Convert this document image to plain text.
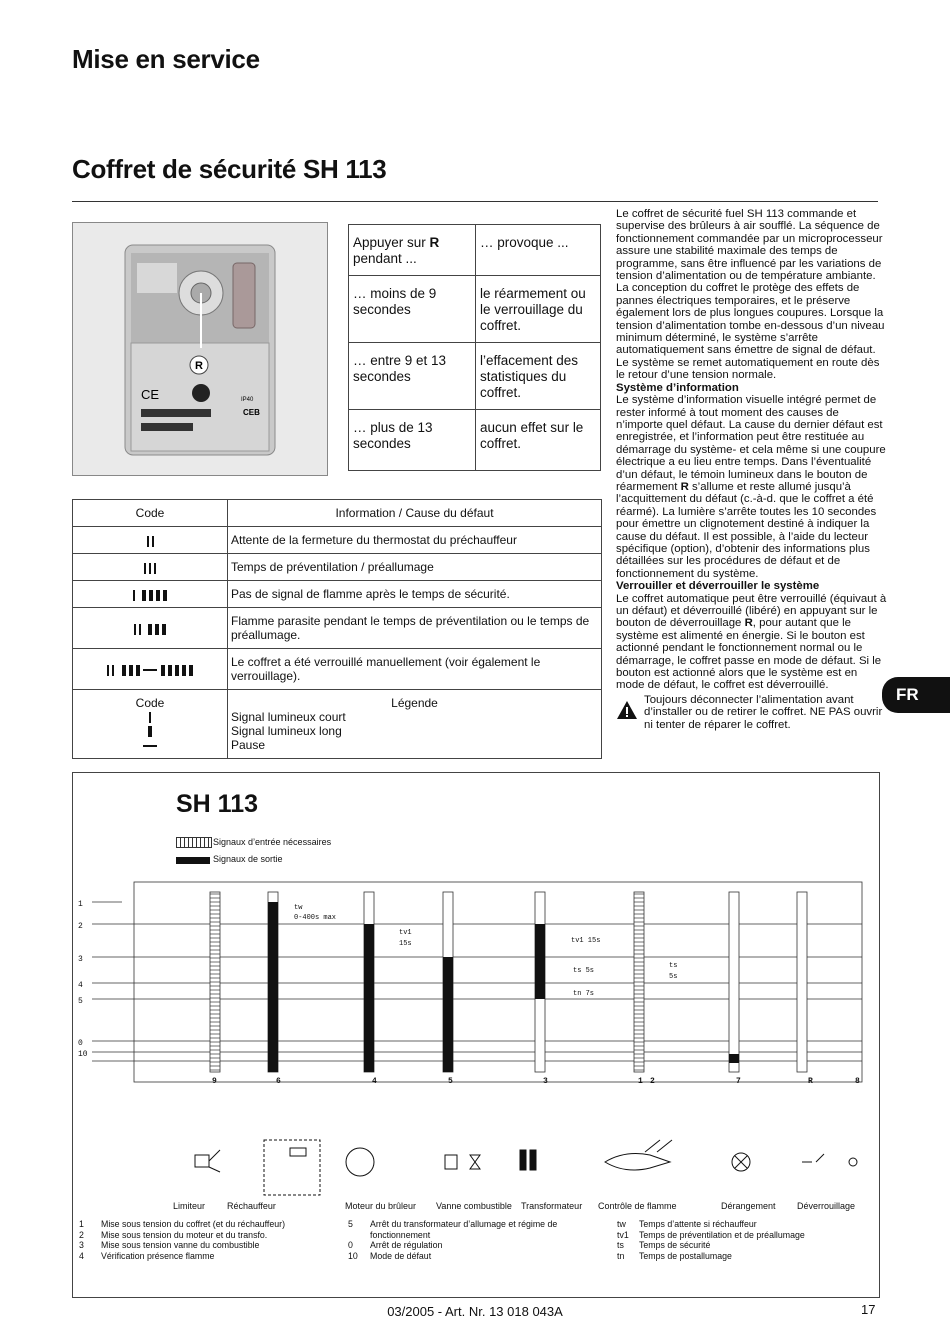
Mise en service
Coffret de sécurité SH 113
R
CE	IP40
CEB
Appuyer sur R
pendant ...	… provoque ...
… moins de 9 secondes	le réarmement ou le verrouillage du coffret.
… entre 9 et 13 secondes	l’effacement des statistiques du coffret.
… plus de 13 secondes	aucun effet sur le coffret.
Code	Information / Cause du défaut
	Attente de la fermeture du thermostat du préchauffeur
	Temps de préventilation / préallumage
	Pas de signal de flamme après le temps de sécurité.
	Flamme parasite pendant le temps de préventilation ou le temps de préallumage.
	Le coffret a été verrouillé manuellement (voir également le verrouillage).

Code	Légende
Signal lumineux court
Signal lumineux long
Pause

Le coffret de sécurité fuel SH 113 commande et supervise des brûleurs à air soufflé. La séquence de fonctionnement commandée par un microprocesseur assure une stabilité maximale des temps de programme, sans être influencé par les variations de tension d’alimentation ou de température ambiante. La conception du coffret le protège des effets de pannes électriques temporaires, et le préserve également lors de plus longues coupures. Lorsque la tension d’alimentation tombe en-dessous d’un niveau minimum déterminé, le système s’arrête automatiquement sans émettre de signal de défaut. Le système se remet automatiquement en route dès le retour d’une tension normale.

Système d’information

Le système d’information visuelle intégré permet de rester informé à tout moment des causes de n’importe quel défaut. La cause du dernier défaut est enregistrée, et l’information peut être restituée au démarrage du système- et cela même si une coupure électrique a eu lieu entre temps. Dans l’éventualité d’un défaut, le témoin lumineux dans le bouton de réarmement R s’allume et reste allumé jusqu’à l’acquittement du défaut (c.-à-d. que le coffret a été réarmé). La lumière s’arrête toutes les 10 secondes pour émettre un clignotement destiné à indiquer la cause du défaut. Il est possible, à l’aide du lecteur spécifique (option), d’obtenir des informations plus détaillées sur les procédures de défaut et de fonctionnement du système.

Verrouiller et déverrouiller le système

Le coffret automatique peut être verrouillé (équivaut à un défaut) et déverrouillé (libéré) en appuyant sur le bouton de déverrouillage R, pour autant que le système est alimenté en énergie. Si le bouton est actionné pendant le fonctionnement normal ou le démarrage, le coffret passe en mode de défaut. Si le bouton est actionné alors que le système est en mode de défaut, le coffret est déverrouillé.

Toujours déconnecter l’alimentation avant d’installer ou de retirer le coffret. NE PAS ouvrir ni tenter de réparer le coffret.
FR
SH 113
Signaux d’entrée nécessaires
Signaux de sortie
1
2
3
4
5
0
10
tw
0-400s max
tv1
15s	tv1 15s
ts 5s
tn 7s
ts
5s
9	6	4	5	3	1 2	7	R	8
Limiteur Réchauffeur	Moteur du brûleur Vanne combustible Transformateur Contrôle de flamme	Dérangement Déverrouillage
1 Mise sous tension du coffret (et du réchauffeur)
2 Mise sous tension du moteur et du transfo.
3 Mise sous tension vanne du combustible
4 Vérification présence flamme
5 Arrêt du transformateur d’allumage et régime de
fonctionnement
0 Arrêt de régulation
10 Mode de défaut
tw Temps d’attente si réchauffeur
tv1 Temps de préventilation et de préallumage
ts Temps de sécurité
tn Temps de postallumage
03/2005 - Art. Nr. 13 018 043A	17
